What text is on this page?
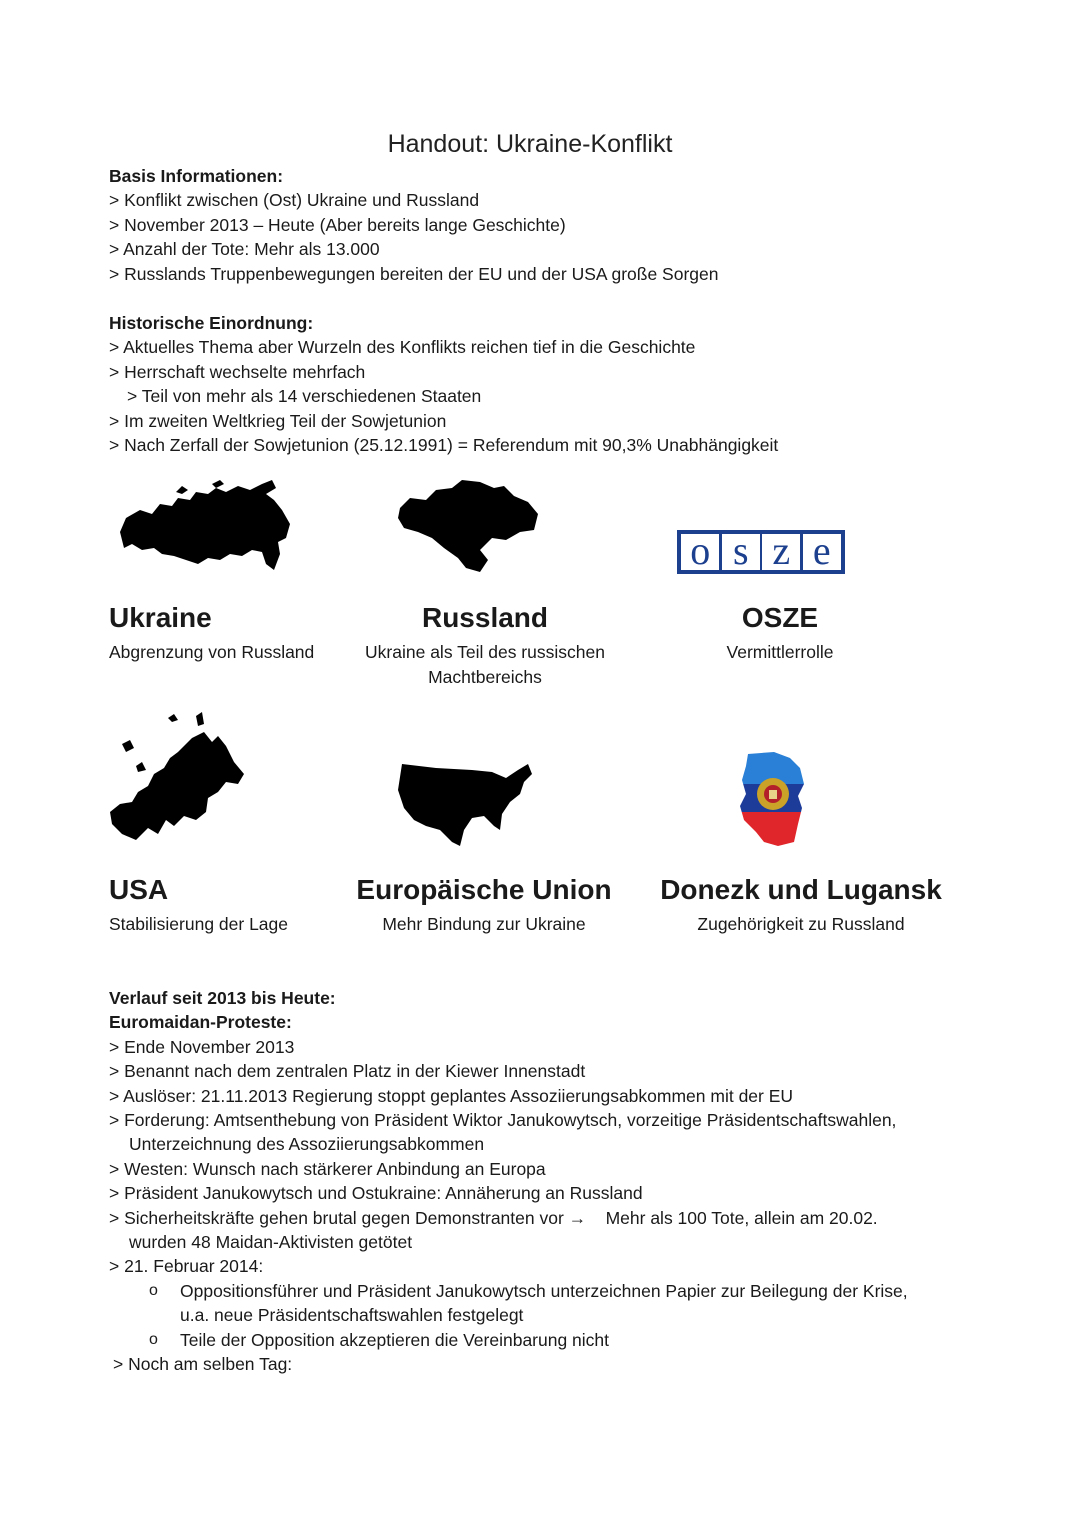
Handout: Ukraine-Konflikt
Basis Informationen:
> Konflikt zwischen (Ost) Ukraine und Russland
> November 2013 – Heute (Aber bereits lange Geschichte)
> Anzahl der Tote: Mehr als 13.000
> Russlands Truppenbewegungen bereiten der EU und der USA große Sorgen
Historische Einordnung:
> Aktuelles Thema aber Wurzeln des Konflikts reichen tief in die Geschichte
> Herrschaft wechselte mehrfach
> Teil von mehr als 14 verschiedenen Staaten
> Im zweiten Weltkrieg Teil der Sowjetunion
> Nach Zerfall der Sowjetunion (25.12.1991) = Referendum mit 90,3% Unabhängigkeit
o s z e
Ukraine
Abgrenzung von Russland
Russland
Ukraine als Teil des russischen Machtbereichs
OSZE
Vermittlerrolle
USA
Stabilisierung der Lage
Europäische Union
Mehr Bindung zur Ukraine
Donezk und Lugansk
Zugehörigkeit zu Russland
Verlauf seit 2013 bis Heute:
Euromaidan-Proteste:
> Ende November 2013
> Benannt nach dem zentralen Platz in der Kiewer Innenstadt
> Auslöser: 21.11.2013 Regierung stoppt geplantes Assoziierungsabkommen mit der EU
> Forderung: Amtsenthebung von Präsident Wiktor Janukowytsch, vorzeitige Präsidentschaftswahlen,
Unterzeichnung des Assoziierungsabkommen
> Westen: Wunsch nach stärkerer Anbindung an Europa
> Präsident Janukowytsch und Ostukraine: Annäherung an Russland
> Sicherheitskräfte gehen brutal gegen Demonstranten vor →    Mehr als 100 Tote, allein am 20.02.
wurden 48 Maidan-Aktivisten getötet
> 21. Februar 2014:
o Oppositionsführer und Präsident Janukowytsch unterzeichnen Papier zur Beilegung der Krise,
u.a. neue Präsidentschaftswahlen festgelegt
o Teile der Opposition akzeptieren die Vereinbarung nicht
> Noch am selben Tag:
